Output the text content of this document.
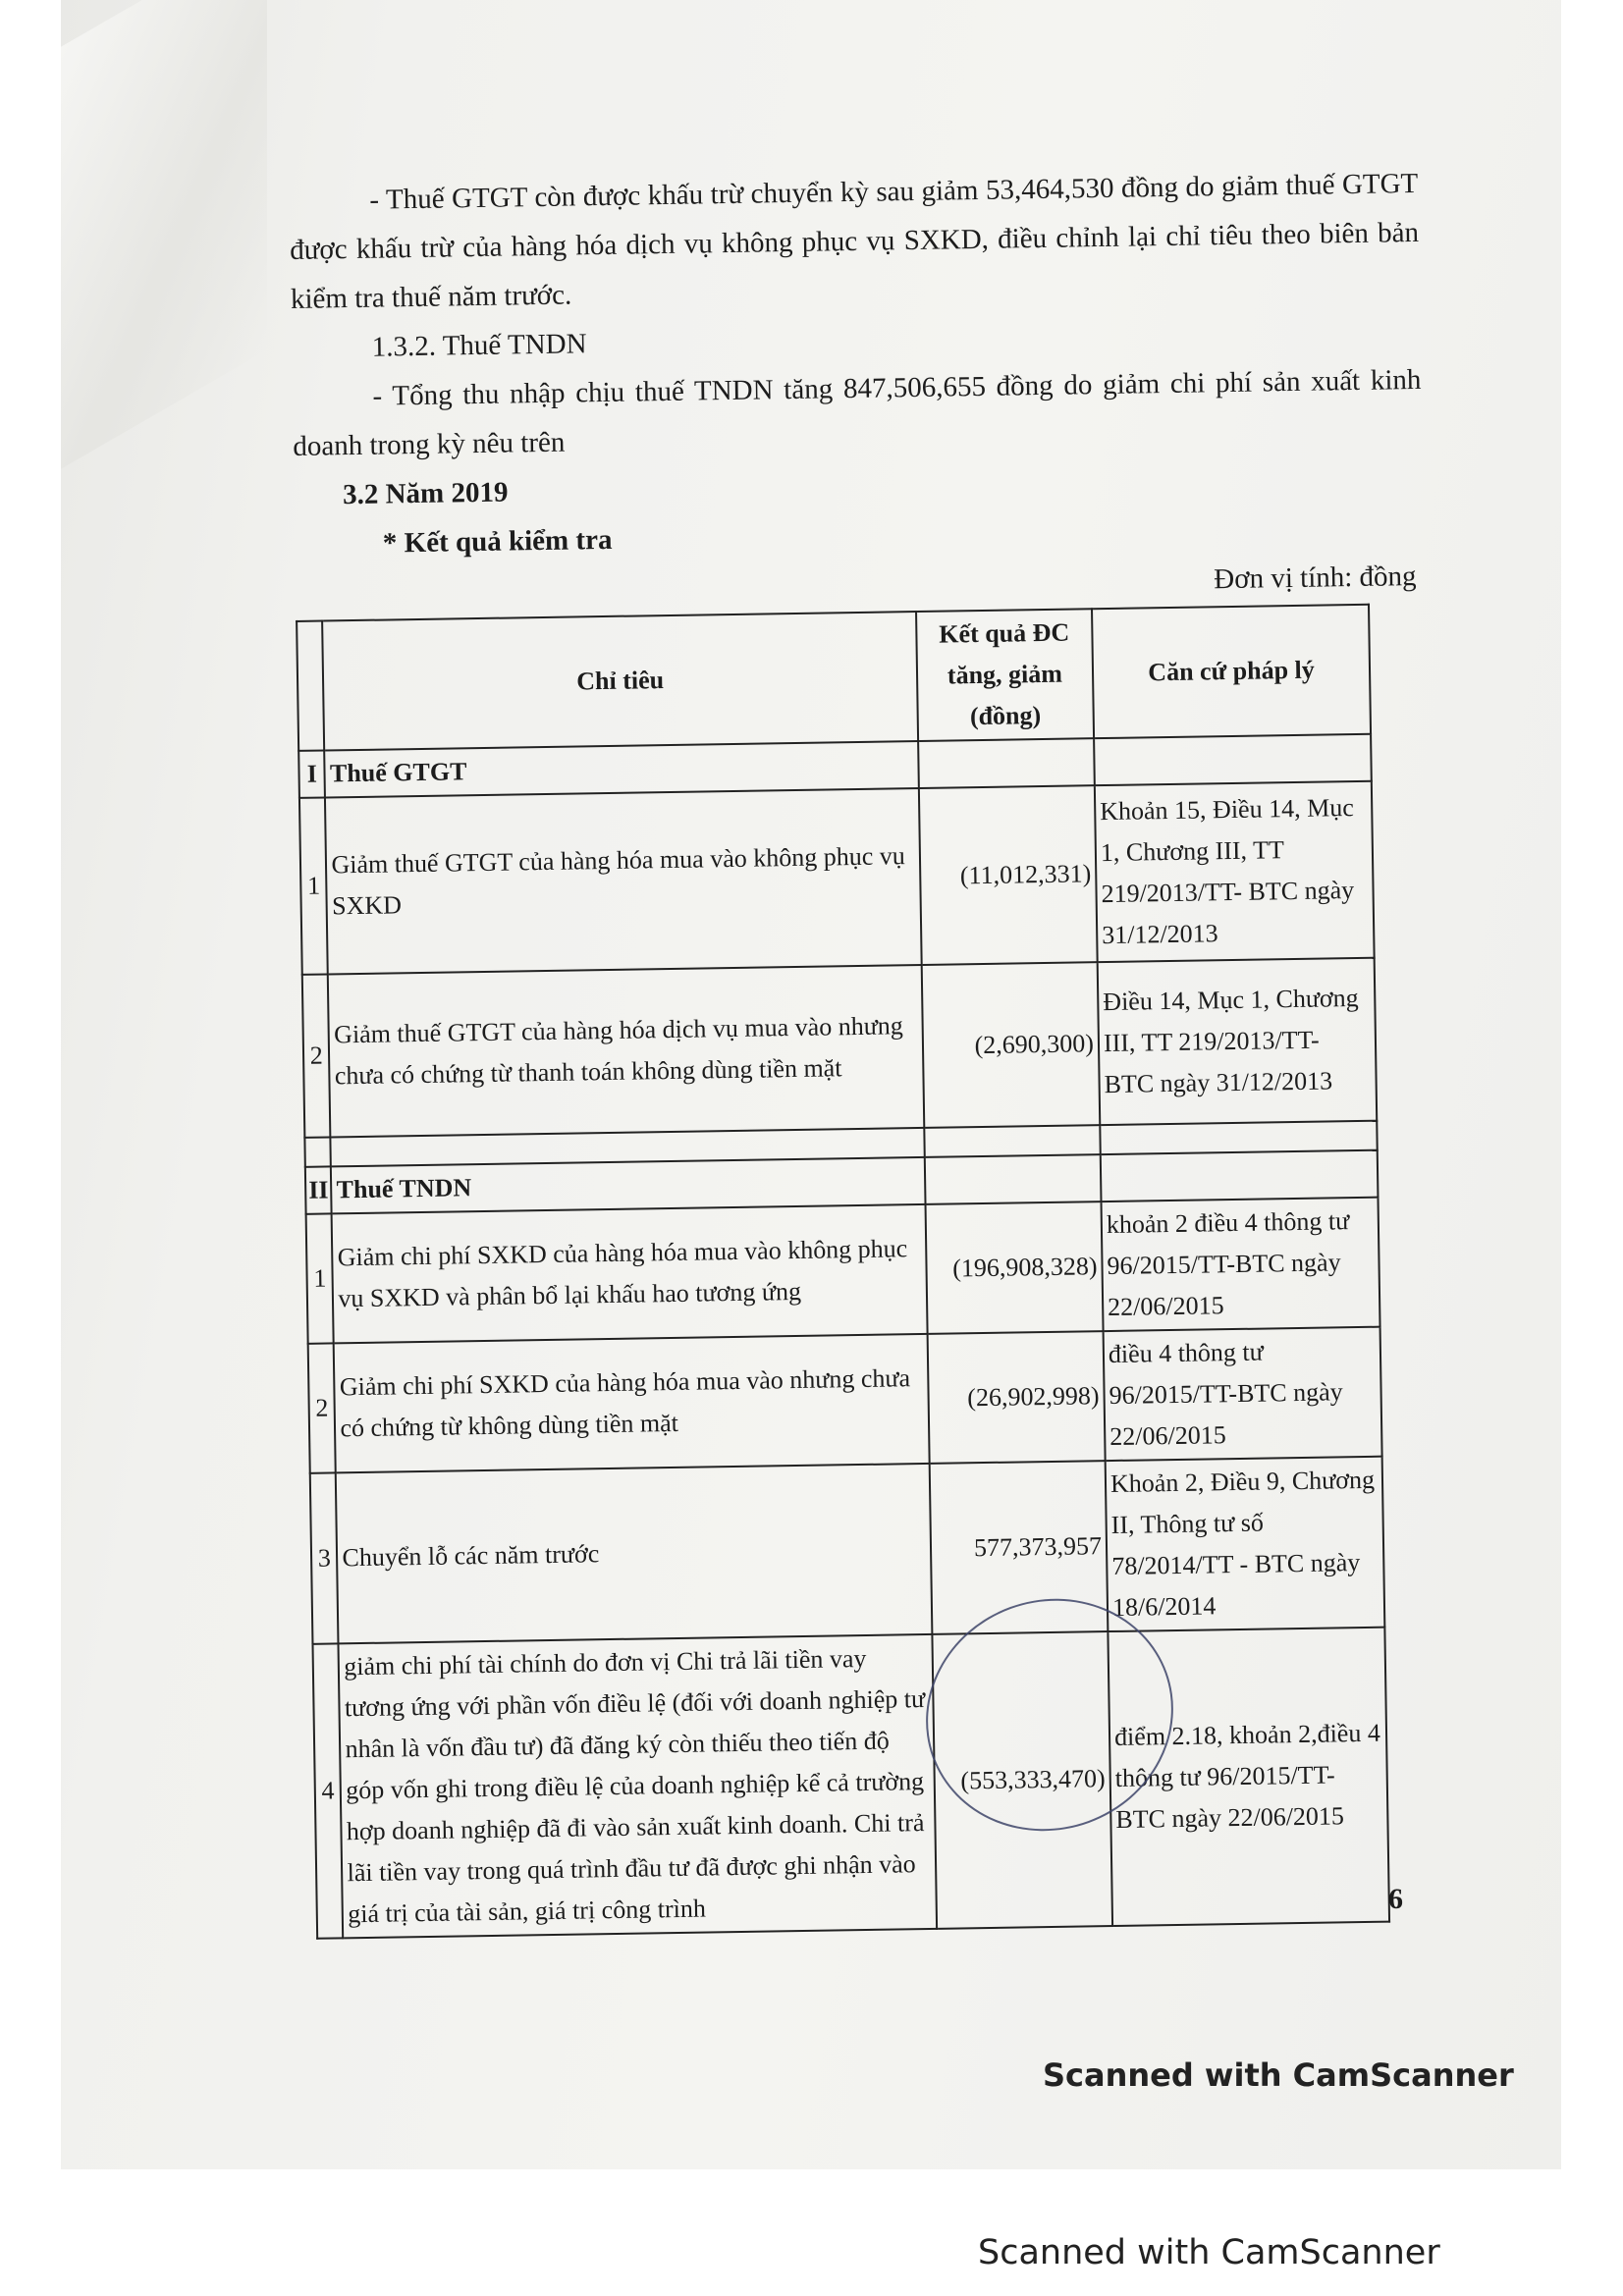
- Thuế GTGT còn được khấu trừ chuyển kỳ sau giảm 53,464,530 đồng do giảm thuế GTGT được khấu trừ của hàng hóa dịch vụ không phục vụ SXKD, điều chỉnh lại chỉ tiêu theo biên bản kiểm tra thuế năm trước.

1.3.2. Thuế TNDN

- Tổng thu nhập chịu thuế TNDN tăng 847,506,655 đồng do giảm chi phí sản xuất kinh doanh trong kỳ nêu trên

3.2 Năm 2019

* Kết quả kiểm tra

Đơn vị tính: đồng

	Chỉ tiêu	Kết quả ĐC tăng, giảm (đồng)	Căn cứ pháp lý
I	Thuế GTGT		
1	Giảm thuế GTGT của hàng hóa mua vào không phục vụ SXKD	(11,012,331)	Khoản 15, Điều 14, Mục 1, Chương III, TT 219/2013/TT- BTC ngày 31/12/2013
2	Giảm thuế GTGT của hàng hóa dịch vụ mua vào nhưng chưa có chứng từ thanh toán không dùng tiền mặt	(2,690,300)	Điều 14, Mục 1, Chương III, TT 219/2013/TT- BTC ngày 31/12/2013

II	Thuế TNDN		
1	Giảm chi phí SXKD của hàng hóa mua vào không phục vụ SXKD và phân bổ lại khấu hao tương ứng	(196,908,328)	khoản 2 điều 4 thông tư 96/2015/TT-BTC ngày 22/06/2015
2	Giảm chi phí SXKD của hàng hóa mua vào nhưng chưa có chứng từ không dùng tiền mặt	(26,902,998)	điều 4 thông tư 96/2015/TT-BTC ngày 22/06/2015
3	Chuyển lỗ các năm trước	577,373,957	Khoản 2, Điều 9, Chương II, Thông tư số 78/2014/TT - BTC ngày 18/6/2014
4	giảm chi phí tài chính do đơn vị Chi trả lãi tiền vay tương ứng với phần vốn điều lệ (đối với doanh nghiệp tư nhân là vốn đầu tư) đã đăng ký còn thiếu theo tiến độ góp vốn ghi trong điều lệ của doanh nghiệp kể cả trường hợp doanh nghiệp đã đi vào sản xuất kinh doanh. Chi trả lãi tiền vay trong quá trình đầu tư đã được ghi nhận vào giá trị của tài sản, giá trị công trình	(553,333,470)	điểm 2.18, khoản 2,điều 4 thông tư 96/2015/TT-BTC ngày 22/06/2015
6
Scanned with CamScanner
Scanned with CamScanner
